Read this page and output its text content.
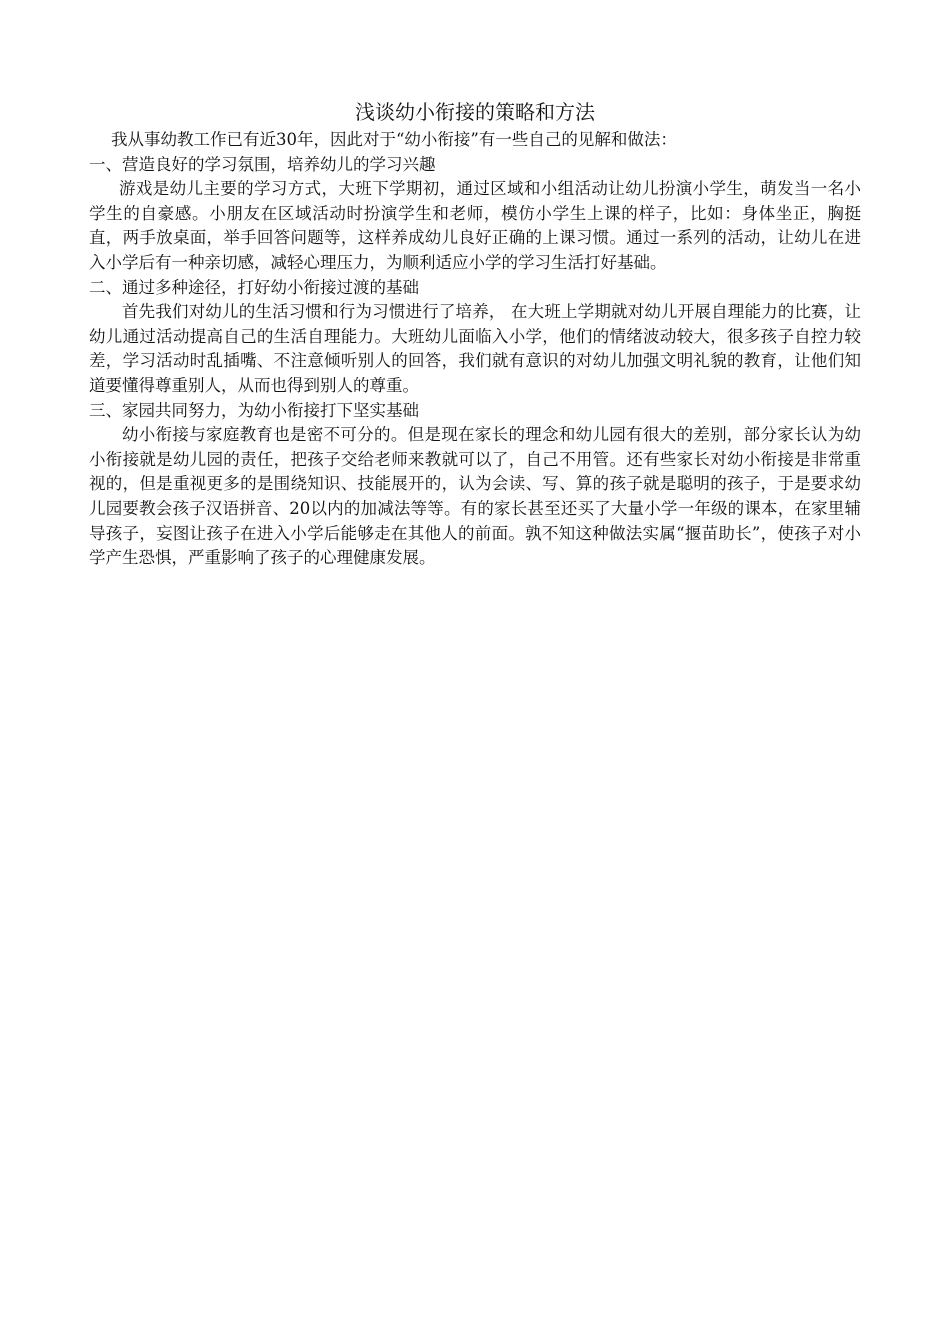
浅谈幼小衔接的策略和方法

我从事幼教工作已有近30年，因此对于“幼小衔接”有一些自己的见解和做法：

一、营造良好的学习氛围，培养幼儿的学习兴趣

游戏是幼儿主要的学习方式，大班下学期初，通过区域和小组活动让幼儿扮演小学生，萌发当一名小学生的自豪感。小朋友在区域活动时扮演学生和老师，模仿小学生上课的样子，比如：身体坐正，胸挺直，两手放桌面，举手回答问题等，这样养成幼儿良好正确的上课习惯。通过一系列的活动，让幼儿在进入小学后有一种亲切感，减轻心理压力，为顺利适应小学的学习生活打好基础。

二、通过多种途径，打好幼小衔接过渡的基础

首先我们对幼儿的生活习惯和行为习惯进行了培养， 在大班上学期就对幼儿开展自理能力的比赛，让幼儿通过活动提高自己的生活自理能力。大班幼儿面临入小学，他们的情绪波动较大，很多孩子自控力较差，学习活动时乱插嘴、不注意倾听别人的回答，我们就有意识的对幼儿加强文明礼貌的教育，让他们知道要懂得尊重别人，从而也得到别人的尊重。

三、家园共同努力，为幼小衔接打下坚实基础

幼小衔接与家庭教育也是密不可分的。但是现在家长的理念和幼儿园有很大的差别，部分家长认为幼小衔接就是幼儿园的责任，把孩子交给老师来教就可以了，自己不用管。还有些家长对幼小衔接是非常重视的，但是重视更多的是围绕知识、技能展开的，认为会读、写、算的孩子就是聪明的孩子，于是要求幼儿园要教会孩子汉语拼音、20以内的加减法等等。有的家长甚至还买了大量小学一年级的课本，在家里辅导孩子，妄图让孩子在进入小学后能够走在其他人的前面。孰不知这种做法实属“揠苗助长”，使孩子对小学产生恐惧，严重影响了孩子的心理健康发展。
